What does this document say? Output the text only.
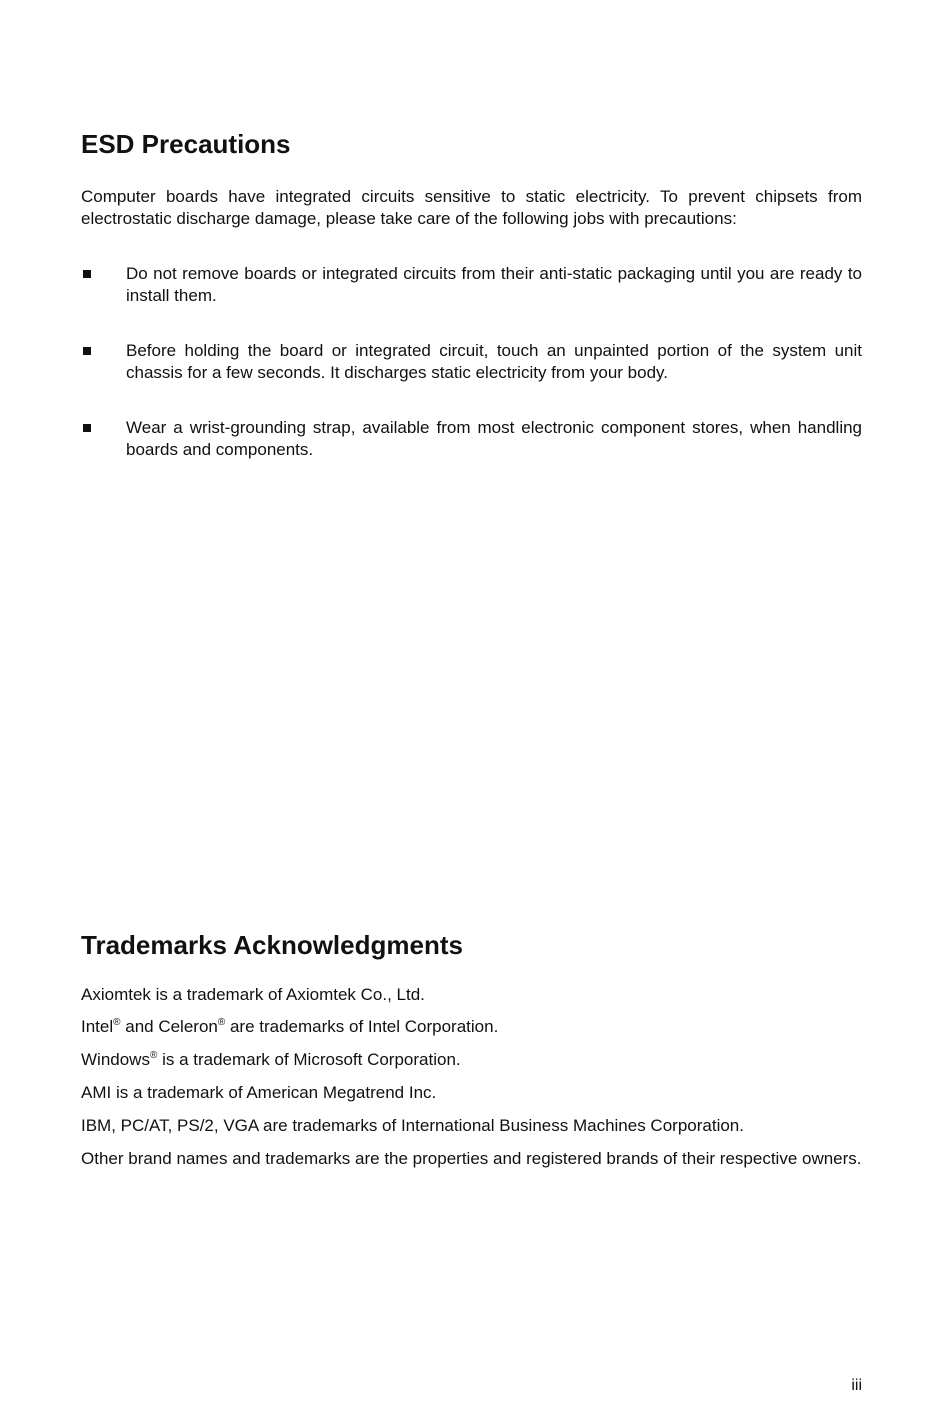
ESD Precautions

Computer boards have integrated circuits sensitive to static electricity. To prevent chipsets from electrostatic discharge damage, please take care of the following jobs with precautions:

Do not remove boards or integrated circuits from their anti-static packaging until you are ready to install them.

Before holding the board or integrated circuit, touch an unpainted portion of the system unit chassis for a few seconds. It discharges static electricity from your body.

Wear a wrist-grounding strap, available from most electronic component stores, when handling boards and components.

Trademarks Acknowledgments

Axiomtek is a trademark of Axiomtek Co., Ltd.

Intel® and Celeron® are trademarks of Intel Corporation.

Windows® is a trademark of Microsoft Corporation.

AMI is a trademark of American Megatrend Inc.

IBM, PC/AT, PS/2, VGA are trademarks of International Business Machines Corporation.

Other brand names and trademarks are the properties and registered brands of their respective owners.

iii
